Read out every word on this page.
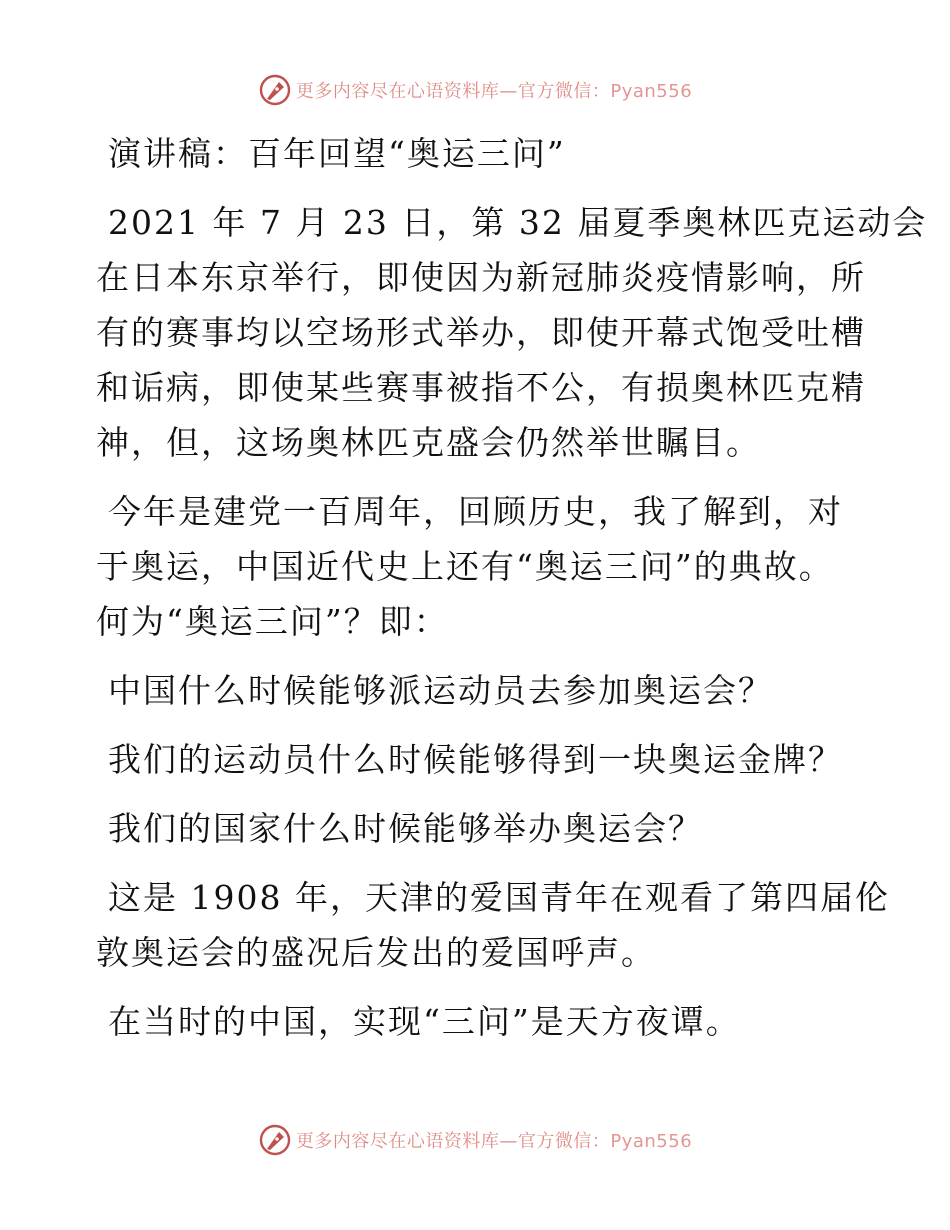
更多内容尽在心语资料库—官方微信：Pyan556
演讲稿：百年回望“奥运三问”
2021 年 7 月 23 日，第 32 届夏季奥林匹克运动会
在日本东京举行，即使因为新冠肺炎疫情影响，所
有的赛事均以空场形式举办，即使开幕式饱受吐槽
和诟病，即使某些赛事被指不公，有损奥林匹克精
神，但，这场奥林匹克盛会仍然举世瞩目。
今年是建党一百周年，回顾历史，我了解到，对
于奥运，中国近代史上还有“奥运三问”的典故。
何为“奥运三问”？即：
中国什么时候能够派运动员去参加奥运会？
我们的运动员什么时候能够得到一块奥运金牌？
我们的国家什么时候能够举办奥运会？
这是 1908 年，天津的爱国青年在观看了第四届伦
敦奥运会的盛况后发出的爱国呼声。
在当时的中国，实现“三问”是天方夜谭。
更多内容尽在心语资料库—官方微信：Pyan556
